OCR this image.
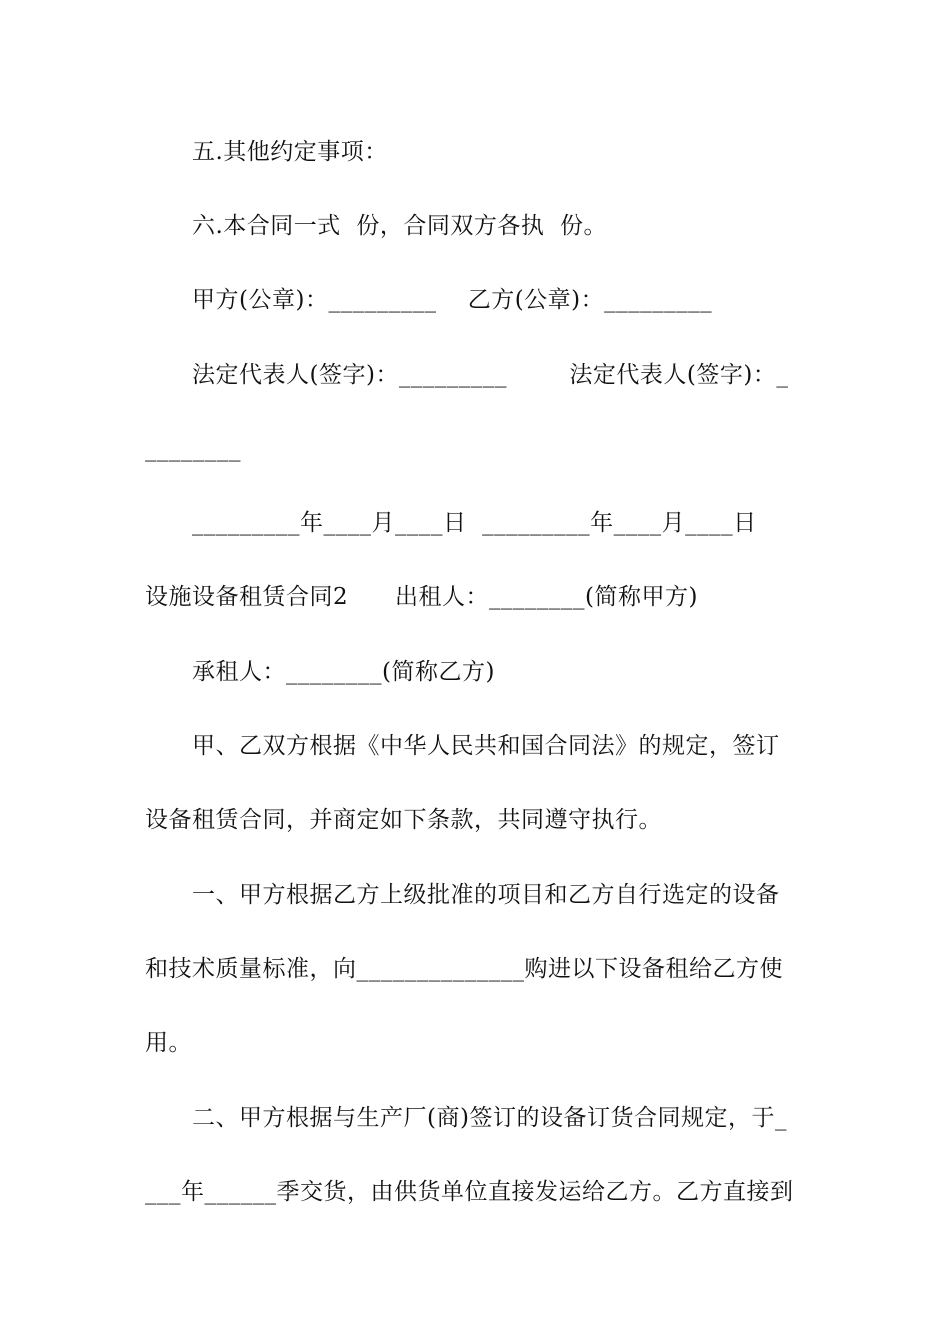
五.其他约定事项：
六.本合同一式  份，合同双方各执  份。
甲方(公章)：_________    乙方(公章)：_________
法定代表人(签字)：_________        法定代表人(签字)：_
________
_________年____月____日  _________年____月____日
设施设备租赁合同2      出租人：________(简称甲方)
承租人：________(简称乙方)
甲、乙双方根据《中华人民共和国合同法》的规定，签订
设备租赁合同，并商定如下条款，共同遵守执行。
一、甲方根据乙方上级批准的项目和乙方自行选定的设备
和技术质量标准，向______________购进以下设备租给乙方使
用。
二、甲方根据与生产厂(商)签订的设备订货合同规定，于_
___年______季交货，由供货单位直接发运给乙方。乙方直接到
